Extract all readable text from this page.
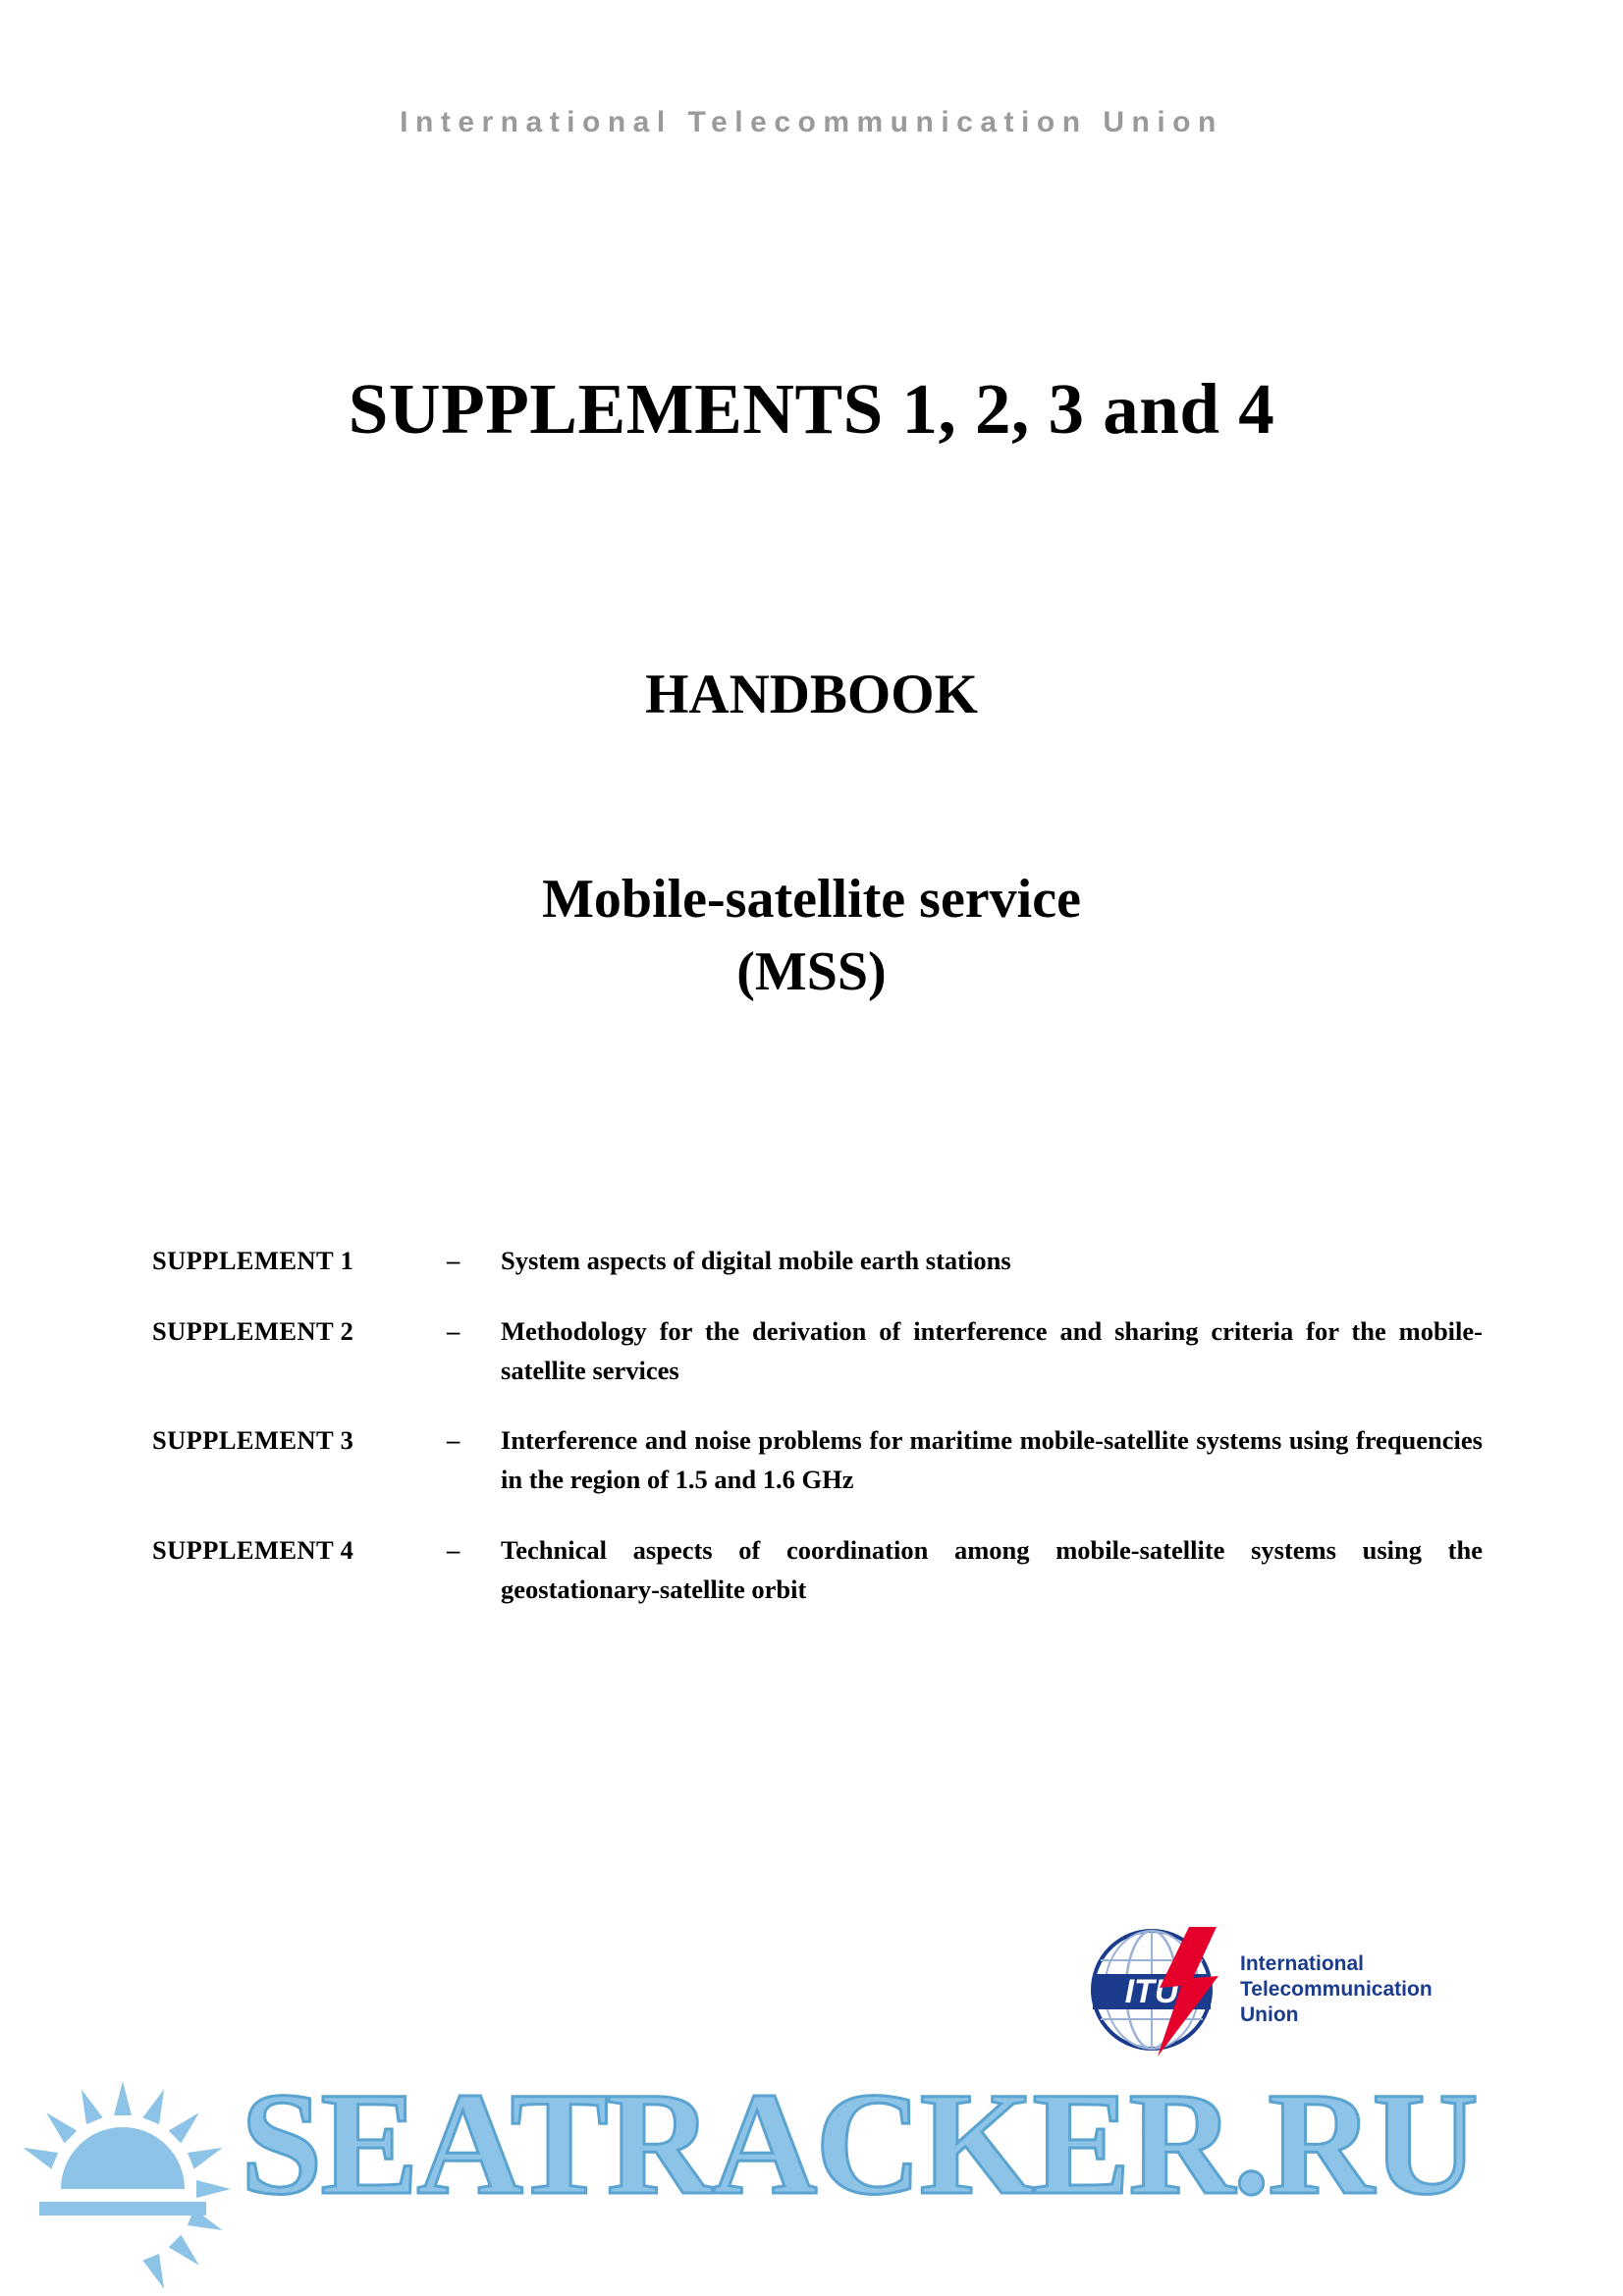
International Telecommunication Union
SUPPLEMENTS 1, 2, 3 and 4
HANDBOOK
Mobile-satellite service
(MSS)
SUPPLEMENT 1	–	System aspects of digital mobile earth stations
SUPPLEMENT 2	–	Methodology for the derivation of interference and sharing criteria for the mobile-satellite services
SUPPLEMENT 3	–	Interference and noise problems for maritime mobile-satellite systems using frequencies in the region of 1.5 and 1.6 GHz
SUPPLEMENT 4	–	Technical aspects of coordination among mobile-satellite systems using the geostationary-satellite orbit
ITU
International
Telecommunication
Union
SEATRACKER.RU
